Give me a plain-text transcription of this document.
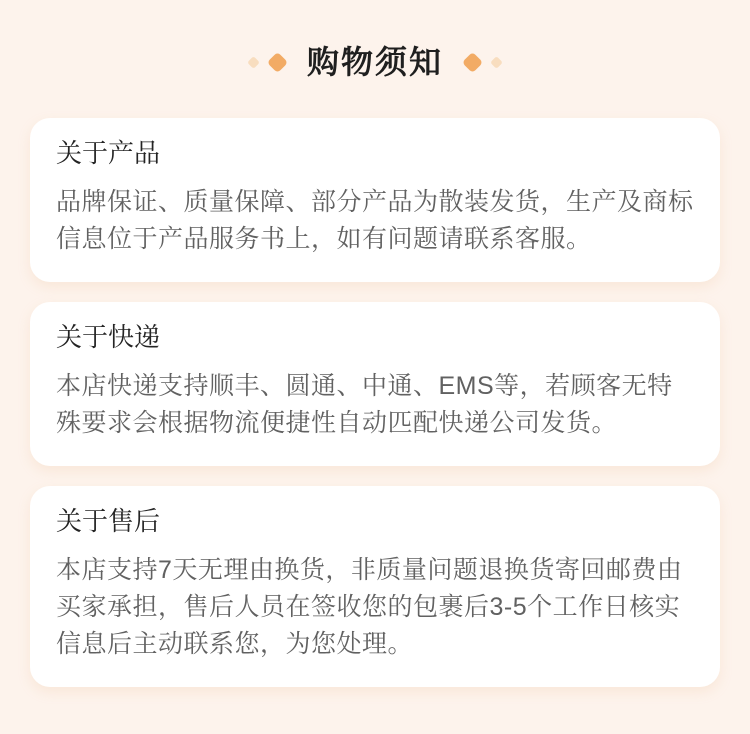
购物须知
关于产品

品牌保证、质量保障、部分产品为散装发货，生产及商标信息位于产品服务书上，如有问题请联系客服。

关于快递

本店快递支持顺丰、圆通、中通、EMS等，若顾客无特殊要求会根据物流便捷性自动匹配快递公司发货。

关于售后

本店支持7天无理由换货，非质量问题退换货寄回邮费由买家承担，售后人员在签收您的包裹后3-5个工作日核实信息后主动联系您，为您处理。
